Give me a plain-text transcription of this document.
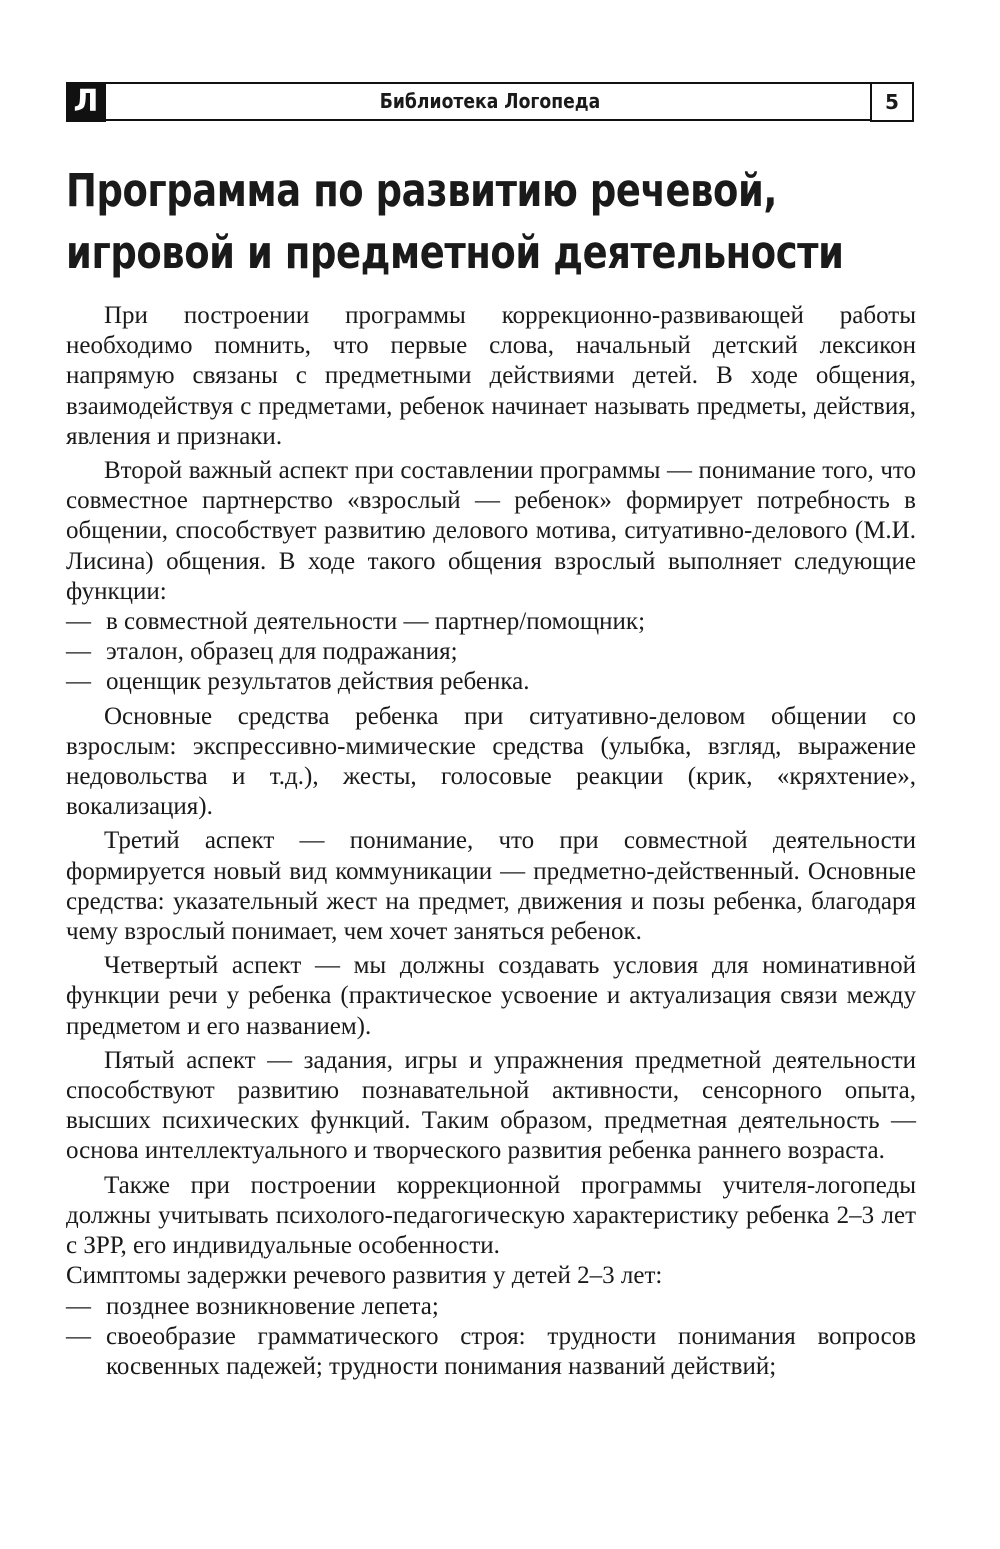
Л	Библиотека Логопеда	5
Программа по развитию речевой,
игровой и предметной деятельности

При построении программы коррекционно-развивающей работы необходимо помнить, что первые слова, начальный детский лексикон напрямую связаны с предметными действиями детей. В ходе общения, взаимодействуя с предметами, ребенок начинает называть предметы, действия, явления и признаки.

Второй важный аспект при составлении программы — понимание того, что совместное партнерство «взрослый — ребенок» формирует потребность в общении, способствует развитию делового мотива, ситуативно-делового (М.И. Лисина) общения. В ходе такого общения взрослый выполняет следующие функции:

— в совместной деятельности — партнер/помощник;

— эталон, образец для подражания;

— оценщик результатов действия ребенка.

Основные средства ребенка при ситуативно-деловом общении со взрослым: экспрессивно-мимические средства (улыбка, взгляд, выражение недовольства и т.д.), жесты, голосовые реакции (крик, «кряхтение», вокализация).

Третий аспект — понимание, что при совместной деятельности формируется новый вид коммуникации — предметно-действенный. Основные средства: указательный жест на предмет, движения и позы ребенка, благодаря чему взрослый понимает, чем хочет заняться ребенок.

Четвертый аспект — мы должны создавать условия для номинативной функции речи у ребенка (практическое усвоение и актуализация связи между предметом и его названием).

Пятый аспект — задания, игры и упражнения предметной деятельности способствуют развитию познавательной активности, сенсорного опыта, высших психических функций. Таким образом, предметная деятельность — основа интеллектуального и творческого развития ребенка раннего возраста.

Также при построении коррекционной программы учителя-логопеды должны учитывать психолого-педагогическую характеристику ребенка 2–3 лет с ЗРР, его индивидуальные особенности.

Симптомы задержки речевого развития у детей 2–3 лет:

— позднее возникновение лепета;

— своеобразие грамматического строя: трудности понимания вопросов косвенных падежей; трудности понимания названий действий;
